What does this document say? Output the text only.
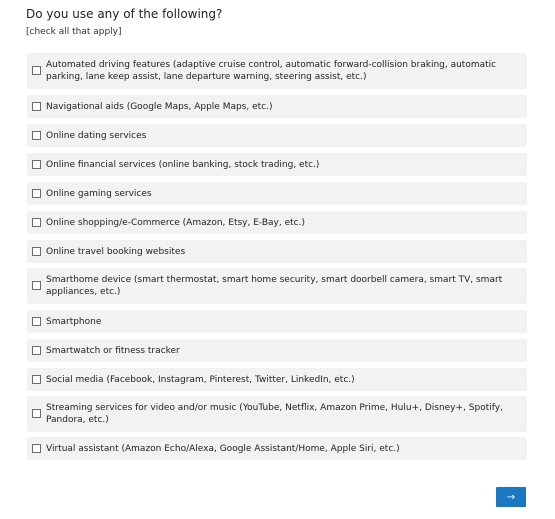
Do you use any of the following?
[check all that apply]
Automated driving features (adaptive cruise control, automatic forward-collision braking, automatic parking, lane keep assist, lane departure warning, steering assist, etc.)
Navigational aids (Google Maps, Apple Maps, etc.)
Online dating services
Online financial services (online banking, stock trading, etc.)
Online gaming services
Online shopping/e-Commerce (Amazon, Etsy, E-Bay, etc.)
Online travel booking websites
Smarthome device (smart thermostat, smart home security, smart doorbell camera, smart TV, smart appliances, etc.)
Smartphone
Smartwatch or fitness tracker
Social media (Facebook, Instagram, Pinterest, Twitter, LinkedIn, etc.)
Streaming services for video and/or music (YouTube, Netflix, Amazon Prime, Hulu+, Disney+, Spotify, Pandora, etc.)
Virtual assistant (Amazon Echo/Alexa, Google Assistant/Home, Apple Siri, etc.)
→
